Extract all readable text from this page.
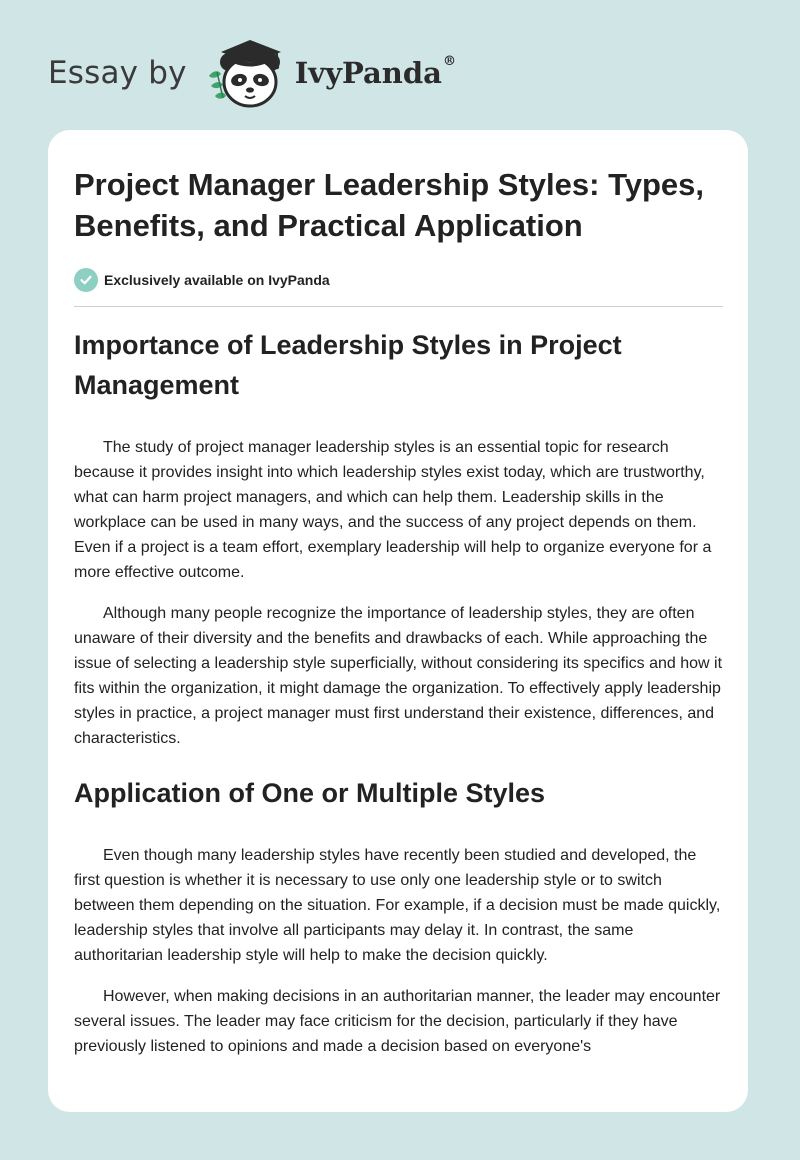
Essay by	IvyPanda®
Project Manager Leadership Styles: Types, Benefits, and Practical Application
Exclusively available on IvyPanda
Importance of Leadership Styles in Project Management

The study of project manager leadership styles is an essential topic for research because it provides insight into which leadership styles exist today, which are trustworthy, what can harm project managers, and which can help them. Leadership skills in the workplace can be used in many ways, and the success of any project depends on them. Even if a project is a team effort, exemplary leadership will help to organize everyone for a more effective outcome.

Although many people recognize the importance of leadership styles, they are often unaware of their diversity and the benefits and drawbacks of each. While approaching the issue of selecting a leadership style superficially, without considering its specifics and how it fits within the organization, it might damage the organization. To effectively apply leadership styles in practice, a project manager must first understand their existence, differences, and characteristics.

Application of One or Multiple Styles

Even though many leadership styles have recently been studied and developed, the first question is whether it is necessary to use only one leadership style or to switch between them depending on the situation. For example, if a decision must be made quickly, leadership styles that involve all participants may delay it. In contrast, the same authoritarian leadership style will help to make the decision quickly.

However, when making decisions in an authoritarian manner, the leader may encounter several issues. The leader may face criticism for the decision, particularly if they have previously listened to opinions and made a decision based on everyone's
